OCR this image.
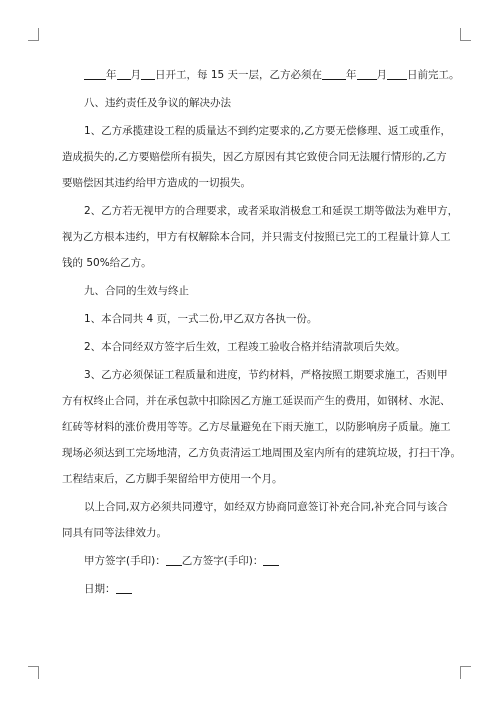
年 月 日开工，每 15 天一层，乙方必须在 年 月 日前完工。
八、违约责任及争议的解决办法
1、乙方承揽建设工程的质量达不到约定要求的,乙方要无偿修理、返工或重作，
造成损失的,乙方要赔偿所有损失，因乙方原因有其它致使合同无法履行情形的,乙方
要赔偿因其违约给甲方造成的一切损失。
2、乙方若无视甲方的合理要求，或者采取消极怠工和延误工期等做法为难甲方，
视为乙方根本违约，甲方有权解除本合同，并只需支付按照已完工的工程量计算人工
钱的 50%给乙方。
九、合同的生效与终止
1、本合同共 4 页，一式二份,甲乙双方各执一份。
2、本合同经双方签字后生效，工程竣工验收合格并结清款项后失效。
3、乙方必须保证工程质量和进度，节约材料，严格按照工期要求施工，否则甲
方有权终止合同，并在承包款中扣除因乙方施工延误而产生的费用，如钢材、水泥、
红砖等材料的涨价费用等等。乙方尽量避免在下雨天施工，以防影响房子质量。施工
现场必须达到工完场地清，乙方负责清运工地周围及室内所有的建筑垃圾，打扫干净。
工程结束后，乙方脚手架留给甲方使用一个月。
以上合同,双方必须共同遵守，如经双方协商同意签订补充合同,补充合同与该合
同具有同等法律效力。
甲方签字(手印)： 乙方签字(手印)：
日期：
